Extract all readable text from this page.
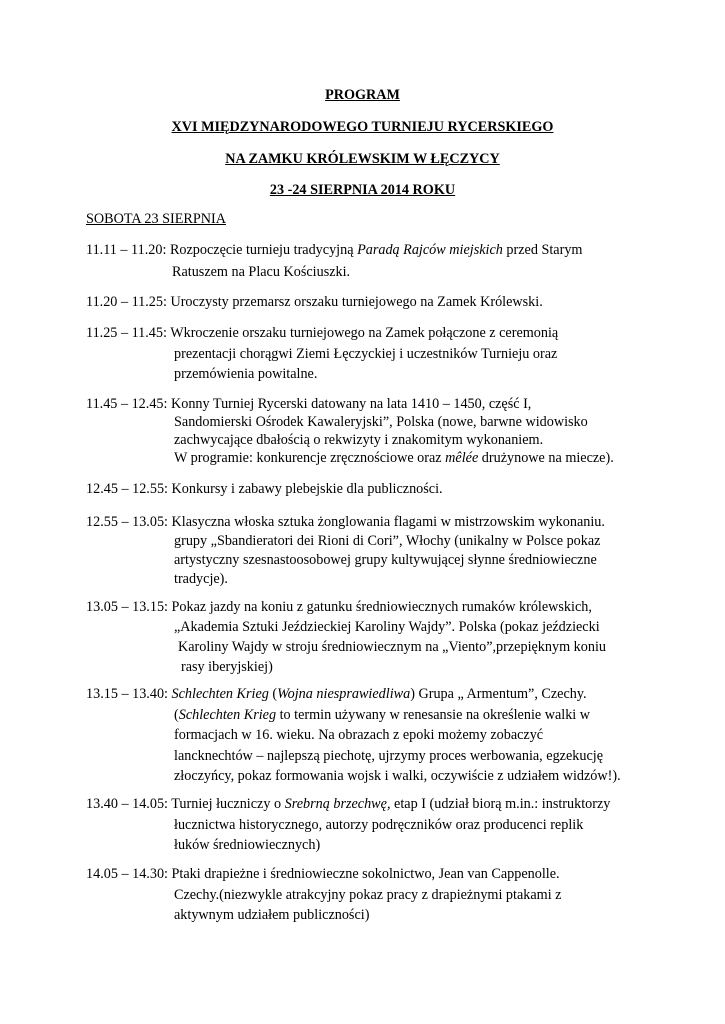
PROGRAM
XVI MIĘDZYNARODOWEGO TURNIEJU RYCERSKIEGO
NA ZAMKU KRÓLEWSKIM W ŁĘCZYCY
23 -24 SIERPNIA 2014 ROKU
SOBOTA 23 SIERPNIA
11.11 – 11.20: Rozpoczęcie turnieju tradycyjną Paradą Rajców miejskich przed Starym
Ratuszem na Placu Kościuszki.
11.20 – 11.25: Uroczysty przemarsz orszaku turniejowego na Zamek Królewski.
11.25 – 11.45: Wkroczenie orszaku turniejowego na Zamek połączone z ceremonią
prezentacji chorągwi Ziemi Łęczyckiej i uczestników Turnieju oraz
przemówienia powitalne.
11.45 – 12.45: Konny Turniej Rycerski datowany na lata 1410 – 1450, część I,
Sandomierski Ośrodek Kawaleryjski”, Polska (nowe, barwne widowisko
zachwycające dbałością o rekwizyty i znakomitym wykonaniem.
W programie: konkurencje zręcznościowe oraz mêlée drużynowe na miecze).
12.45 – 12.55: Konkursy i zabawy plebejskie dla publiczności.
12.55 – 13.05: Klasyczna włoska sztuka żonglowania flagami w mistrzowskim wykonaniu.
grupy „Sbandieratori dei Rioni di Cori”, Włochy (unikalny w Polsce pokaz
artystyczny szesnastoosobowej grupy kultywującej słynne średniowieczne
tradycje).
13.05 – 13.15: Pokaz jazdy na koniu z gatunku średniowiecznych rumaków królewskich,
„Akademia Sztuki Jeździeckiej Karoliny Wajdy”. Polska (pokaz jeździecki
Karoliny Wajdy w stroju średniowiecznym na „Viento”,przepięknym koniu
rasy iberyjskiej)
13.15 – 13.40: Schlechten Krieg (Wojna niesprawiedliwa) Grupa „ Armentum”, Czechy.
(Schlechten Krieg to termin używany w renesansie na określenie walki w
formacjach w 16. wieku. Na obrazach z epoki możemy zobaczyć
lancknechtów – najlepszą piechotę, ujrzymy proces werbowania, egzekucję
złoczyńcy, pokaz formowania wojsk i walki, oczywiście z udziałem widzów!).
13.40 – 14.05: Turniej łuczniczy o Srebrną brzechwę, etap I (udział biorą m.in.: instruktorzy
łucznictwa historycznego, autorzy podręczników oraz producenci replik
łuków średniowiecznych)
14.05 – 14.30: Ptaki drapieżne i średniowieczne sokolnictwo, Jean van Cappenolle.
Czechy.(niezwykle atrakcyjny pokaz pracy z drapieżnymi ptakami z
aktywnym udziałem publiczności)
